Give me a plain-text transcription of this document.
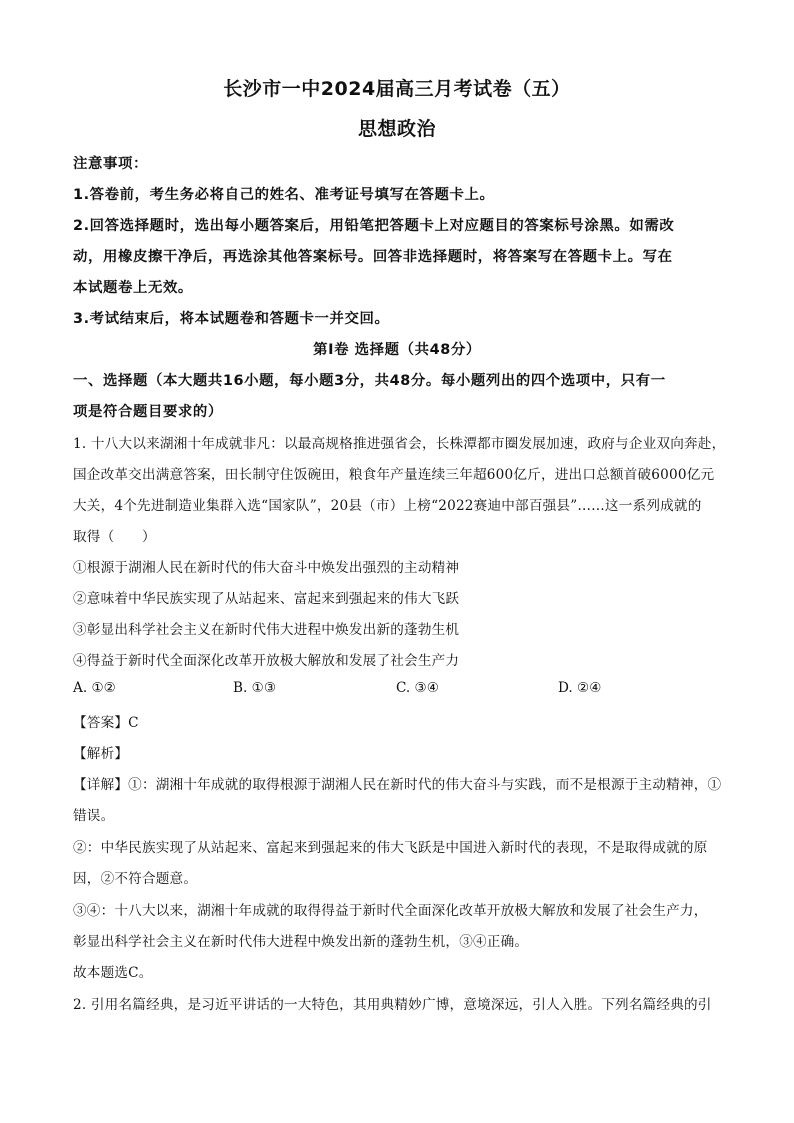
长沙市一中2024届高三月考试卷（五）
思想政治
注意事项：
1.答卷前，考生务必将自己的姓名、准考证号填写在答题卡上。
2.回答选择题时，选出每小题答案后，用铅笔把答题卡上对应题目的答案标号涂黑。如需改
动，用橡皮擦干净后，再选涂其他答案标号。回答非选择题时，将答案写在答题卡上。写在
本试题卷上无效。
3.考试结束后，将本试题卷和答题卡一并交回。
第Ⅰ卷 选择题（共48分）
一、选择题（本大题共16小题，每小题3分，共48分。每小题列出的四个选项中，只有一
项是符合题目要求的）
1. 十八大以来湖湘十年成就非凡：以最高规格推进强省会，长株潭都市圈发展加速，政府与企业双向奔赴，
国企改革交出满意答案，田长制守住饭碗田，粮食年产量连续三年超600亿斤，进出口总额首破6000亿元
大关，4个先进制造业集群入选“国家队”，20县（市）上榜“2022赛迪中部百强县”……这一系列成就的
取得（　　）
①根源于湖湘人民在新时代的伟大奋斗中焕发出强烈的主动精神
②意味着中华民族实现了从站起来、富起来到强起来的伟大飞跃
③彰显出科学社会主义在新时代伟大进程中焕发出新的蓬勃生机
④得益于新时代全面深化改革开放极大解放和发展了社会生产力
A. ①②	B. ①③	C. ③④	D. ②④
【答案】C
【解析】
【详解】①：湖湘十年成就的取得根源于湖湘人民在新时代的伟大奋斗与实践，而不是根源于主动精神，①
错误。
②：中华民族实现了从站起来、富起来到强起来的伟大飞跃是中国进入新时代的表现，不是取得成就的原
因，②不符合题意。
③④：十八大以来，湖湘十年成就的取得得益于新时代全面深化改革开放极大解放和发展了社会生产力，
彰显出科学社会主义在新时代伟大进程中焕发出新的蓬勃生机，③④正确。
故本题选C。
2. 引用名篇经典，是习近平讲话的一大特色，其用典精妙广博，意境深远，引人入胜。下列名篇经典的引
